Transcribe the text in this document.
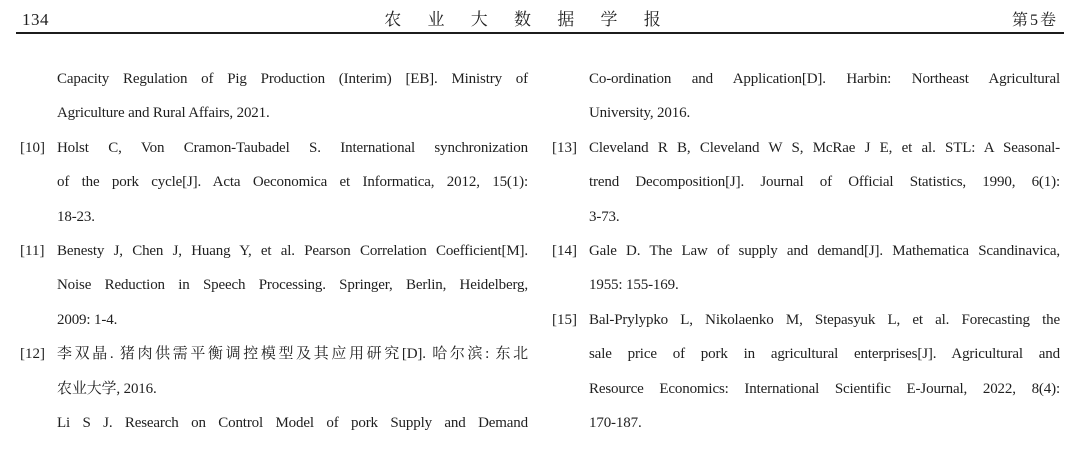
134	农 业 大 数 据 学 报	第5卷
Capacity Regulation of Pig Production (Interim) [EB]. Ministry of
Agriculture and Rural Affairs, 2021.
[10] Holst C, Von Cramon-Taubadel S. International synchronization
of the pork cycle[J]. Acta Oeconomica et Informatica, 2012, 15(1):
18-23.
[11] Benesty J, Chen J, Huang Y, et al. Pearson Correlation Coefficient[M].
Noise Reduction in Speech Processing. Springer, Berlin, Heidelberg,
2009: 1-4.
[12] 李双晶. 猪肉供需平衡调控模型及其应用研究[D]. 哈尔滨: 东北
农业大学, 2016.
Li S J. Research on Control Model of pork Supply and Demand
Co-ordination and Application[D]. Harbin: Northeast Agricultural
University, 2016.
[13] Cleveland R B, Cleveland W S, McRae J E, et al. STL: A Seasonal-
trend Decomposition[J]. Journal of Official Statistics, 1990, 6(1):
3-73.
[14] Gale D. The Law of supply and demand[J]. Mathematica Scandinavica,
1955: 155-169.
[15] Bal-Prylypko L, Nikolaenko M, Stepasyuk L, et al. Forecasting the
sale price of pork in agricultural enterprises[J]. Agricultural and
Resource Economics: International Scientific E-Journal, 2022, 8(4):
170-187.
